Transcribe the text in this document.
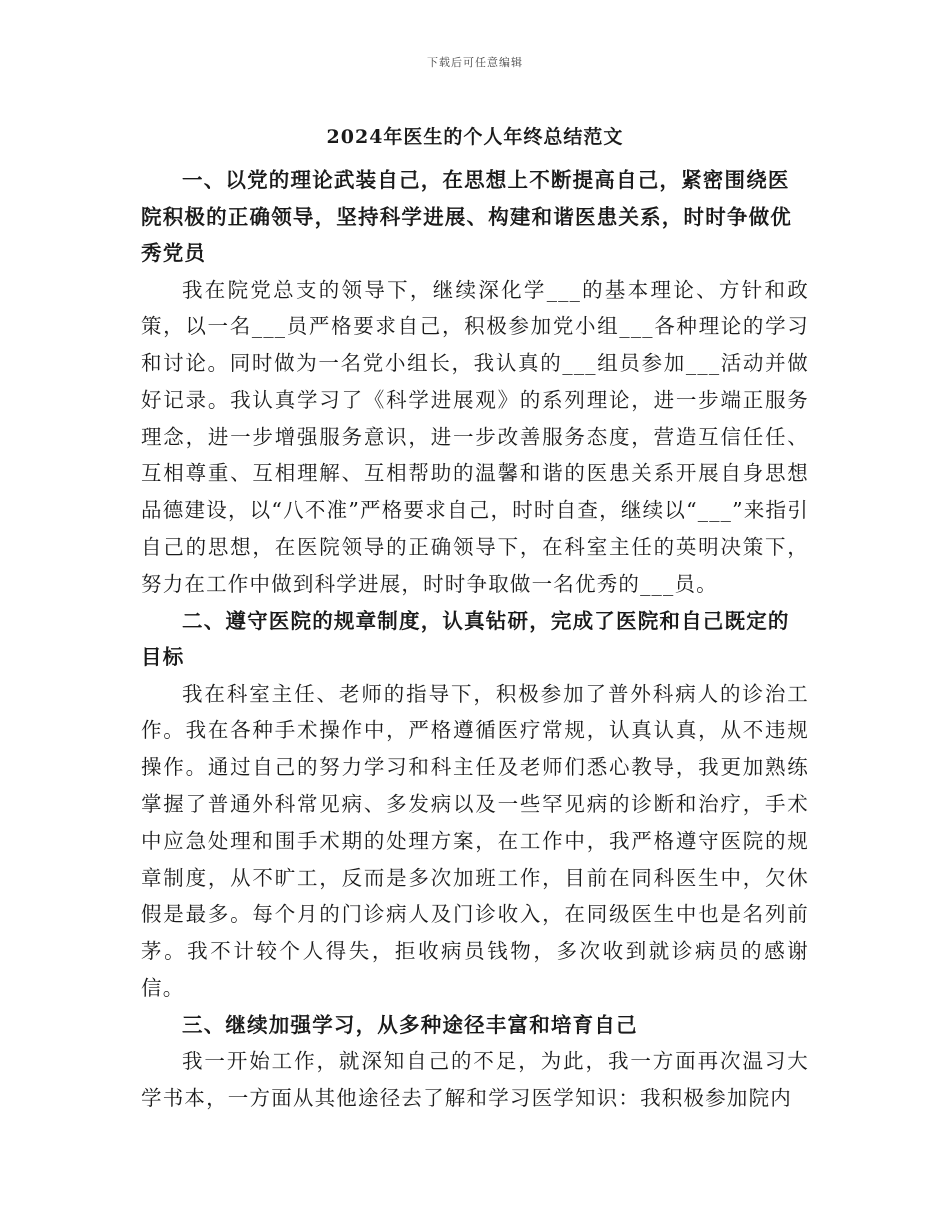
下载后可任意编辑
2024年医生的个人年终总结范文

一、以党的理论武装自己，在思想上不断提高自己，紧密围绕医院积极的正确领导，坚持科学进展、构建和谐医患关系，时时争做优秀党员

我在院党总支的领导下，继续深化学___的基本理论、方针和政策，以一名___员严格要求自己，积极参加党小组___各种理论的学习和讨论。同时做为一名党小组长，我认真的___组员参加___活动并做好记录。我认真学习了《科学进展观》的系列理论，进一步端正服务理念，进一步增强服务意识，进一步改善服务态度，营造互信任任、互相尊重、互相理解、互相帮助的温馨和谐的医患关系开展自身思想品德建设，以“八不准”严格要求自己，时时自查，继续以“___”来指引自己的思想，在医院领导的正确领导下，在科室主任的英明决策下，努力在工作中做到科学进展，时时争取做一名优秀的___员。

二、遵守医院的规章制度，认真钻研，完成了医院和自己既定的目标

我在科室主任、老师的指导下，积极参加了普外科病人的诊治工作。我在各种手术操作中，严格遵循医疗常规，认真认真，从不违规操作。通过自己的努力学习和科主任及老师们悉心教导，我更加熟练掌握了普通外科常见病、多发病以及一些罕见病的诊断和治疗，手术中应急处理和围手术期的处理方案，在工作中，我严格遵守医院的规章制度，从不旷工，反而是多次加班工作，目前在同科医生中，欠休假是最多。每个月的门诊病人及门诊收入，在同级医生中也是名列前茅。我不计较个人得失，拒收病员钱物，多次收到就诊病员的感谢信。

三、继续加强学习，从多种途径丰富和培育自己

我一开始工作，就深知自己的不足，为此，我一方面再次温习大学书本，一方面从其他途径去了解和学习医学知识：我积极参加院内
